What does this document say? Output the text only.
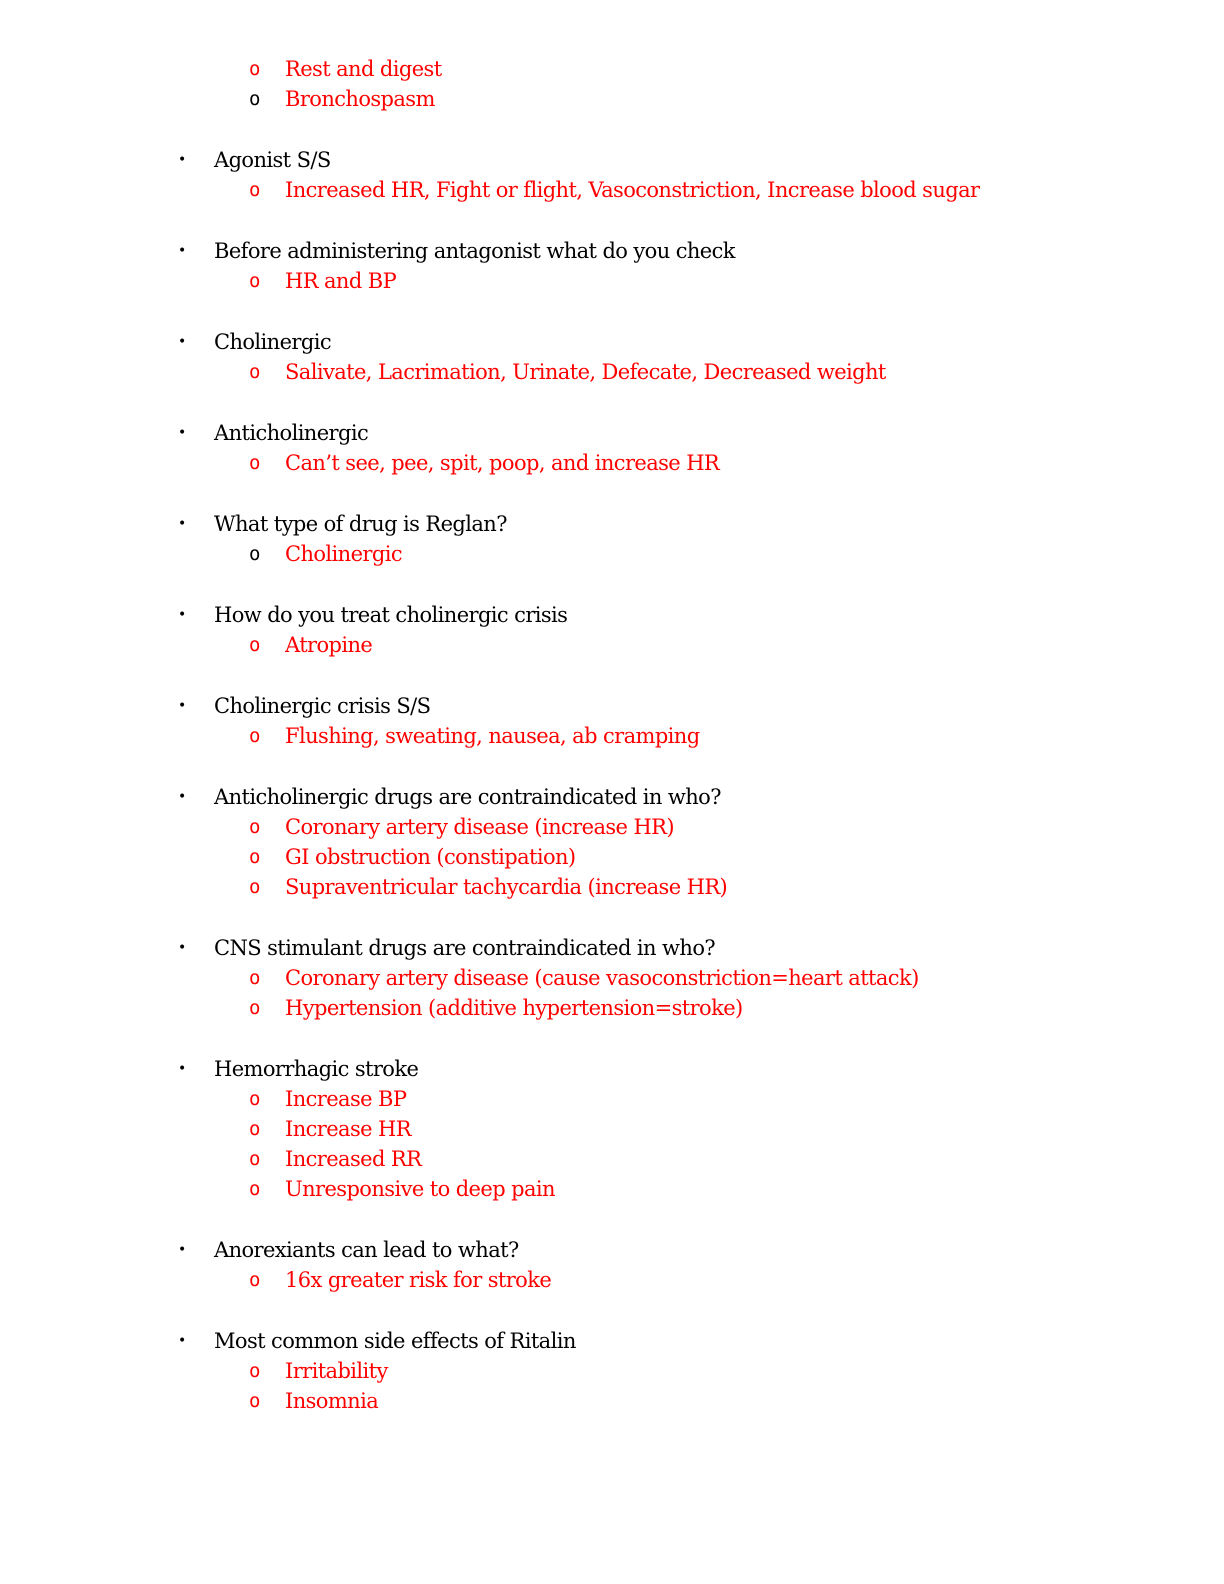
o Rest and digest
o Bronchospasm
•
Agonist S/S
o Increased HR, Fight or flight, Vasoconstriction, Increase blood sugar
•
Before administering antagonist what do you check
o HR and BP
•
Cholinergic
o Salivate, Lacrimation, Urinate, Defecate, Decreased weight
•
Anticholinergic
o Can’t see, pee, spit, poop, and increase HR
•
What type of drug is Reglan?
o Cholinergic
•
How do you treat cholinergic crisis
o Atropine
•
Cholinergic crisis S/S
o Flushing, sweating, nausea, ab cramping
•
Anticholinergic drugs are contraindicated in who?
o Coronary artery disease (increase HR)
o GI obstruction (constipation)
o Supraventricular tachycardia (increase HR)
•
CNS stimulant drugs are contraindicated in who?
o Coronary artery disease (cause vasoconstriction=heart attack)
o Hypertension (additive hypertension=stroke)
•
Hemorrhagic stroke
o Increase BP
o Increase HR
o Increased RR
o Unresponsive to deep pain
•
Anorexiants can lead to what?
o 16x greater risk for stroke
•
Most common side effects of Ritalin
o Irritability
o Insomnia
